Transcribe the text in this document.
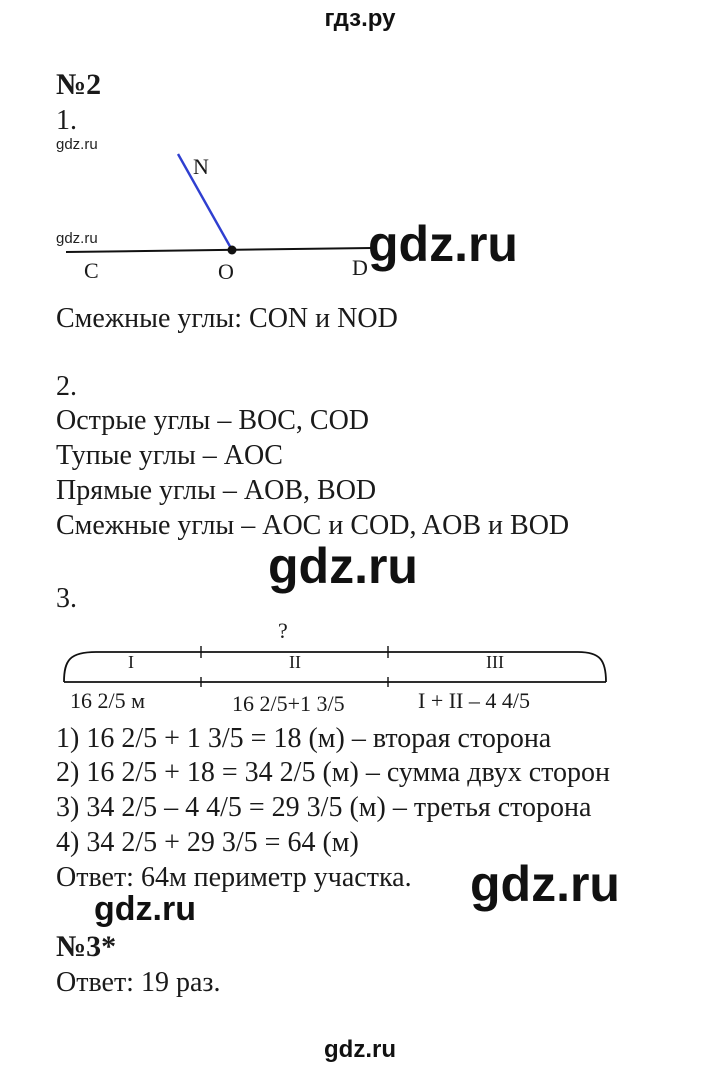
гдз.ру
№2
1.
gdz.ru
gdz.ru
N
C	O	D gdz.ru
Смежные углы: CON и NOD
2.
Острые углы – BOC, COD
Тупые углы – AOC
Прямые углы – AOB, BOD
Смежные углы – AOC и COD, AOB и BOD
gdz.ru
3.
?
I	II	III
16 2/5 м	16 2/5+1 3/5	I + II – 4 4/5
1) 16 2/5 + 1 3/5 = 18 (м) – вторая сторона
2) 16 2/5 + 18 = 34 2/5 (м) – сумма двух сторон
3) 34 2/5 – 4 4/5 = 29 3/5 (м) – третья сторона
4) 34 2/5 + 29 3/5 = 64 (м)
Ответ: 64м периметр участка. gdz.ru
gdz.ru
№3*
Ответ: 19 раз.
gdz.ru
